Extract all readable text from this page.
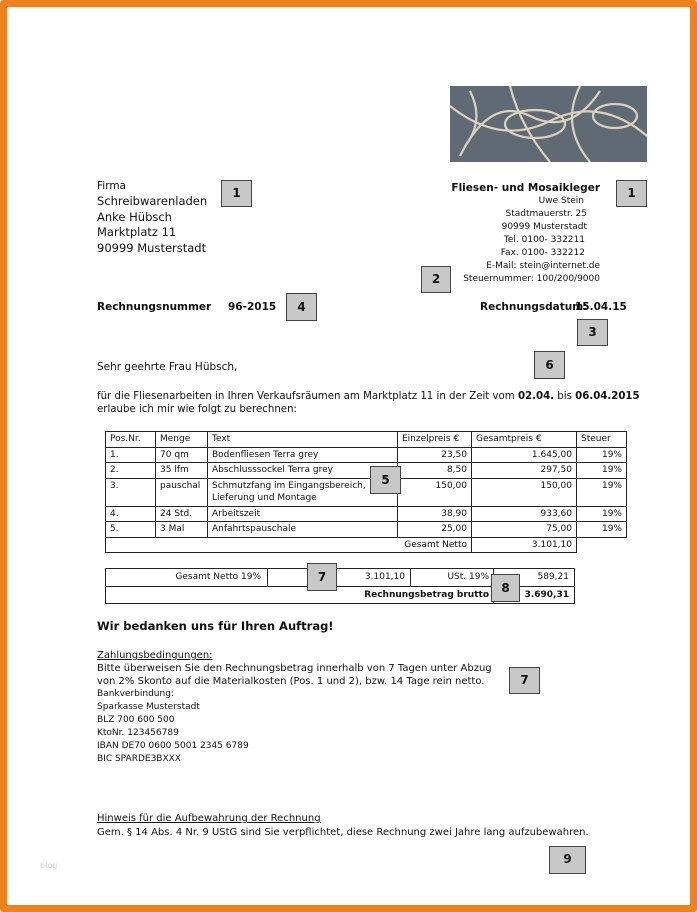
Firma
Schreibwarenladen
Anke Hübsch
Marktplatz 11
90999 Musterstadt
Fliesen- und Mosaikleger
Uwe Stein
Stadtmauerstr. 25
90999 Musterstadt
Tel. 0100- 332211
Fax. 0100- 332212
E-Mail: stein@internet.de
Steuernummer: 100/200/9000
Rechnungsnummer 96-2015	Rechnungsdatum:
15.04.15
Sehr geehrte Frau Hübsch,
für die Fliesenarbeiten in Ihren Verkaufsräumen am Marktplatz 11 in der Zeit vom 02.04. bis 06.04.2015
erlaube ich mir wie folgt zu berechnen:
Pos.Nr.	Menge	Text	Einzelpreis €	Gesamtpreis €	Steuer
1.	70 qm	Bodenfliesen Terra grey	23,50	1.645,00	19%
2.	35 lfm	Abschlusssockel Terra grey	8,50	297,50	19%
3.	pauschal	Schmutzfang im Eingangsbereich,
Lieferung und Montage	150,00	150,00	19%
4.	24 Std.	Arbeitszeit	38,90	933,60	19%
5.	3 Mal	Anfahrtspauschale	25,00	75,00	19%
Gesamt Netto				3.101,10	
Gesamt Netto 19%	3.101,10	USt. 19%	589,21
Rechnungsbetrag brutto	3.690,31
Wir bedanken uns für Ihren Auftrag!
Zahlungsbedingungen:
Bitte überweisen Sie den Rechnungsbetrag innerhalb von 7 Tagen unter Abzug
von 2% Skonto auf die Materialkosten (Pos. 1 und 2), bzw. 14 Tage rein netto.
Bankverbindung:
Sparkasse Musterstadt
BLZ 700 600 500
KtoNr. 123456789
IBAN DE70 0600 5001 2345 6789
BIC SPARDE3BXXX
Hinweis für die Aufbewahrung der Rechnung
Gem. § 14 Abs. 4 Nr. 9 UStG sind Sie verpflichtet, diese Rechnung zwei Jahre lang aufzubewahren.
blog
1	1
2
3
4
5
6
7
7
8
9
